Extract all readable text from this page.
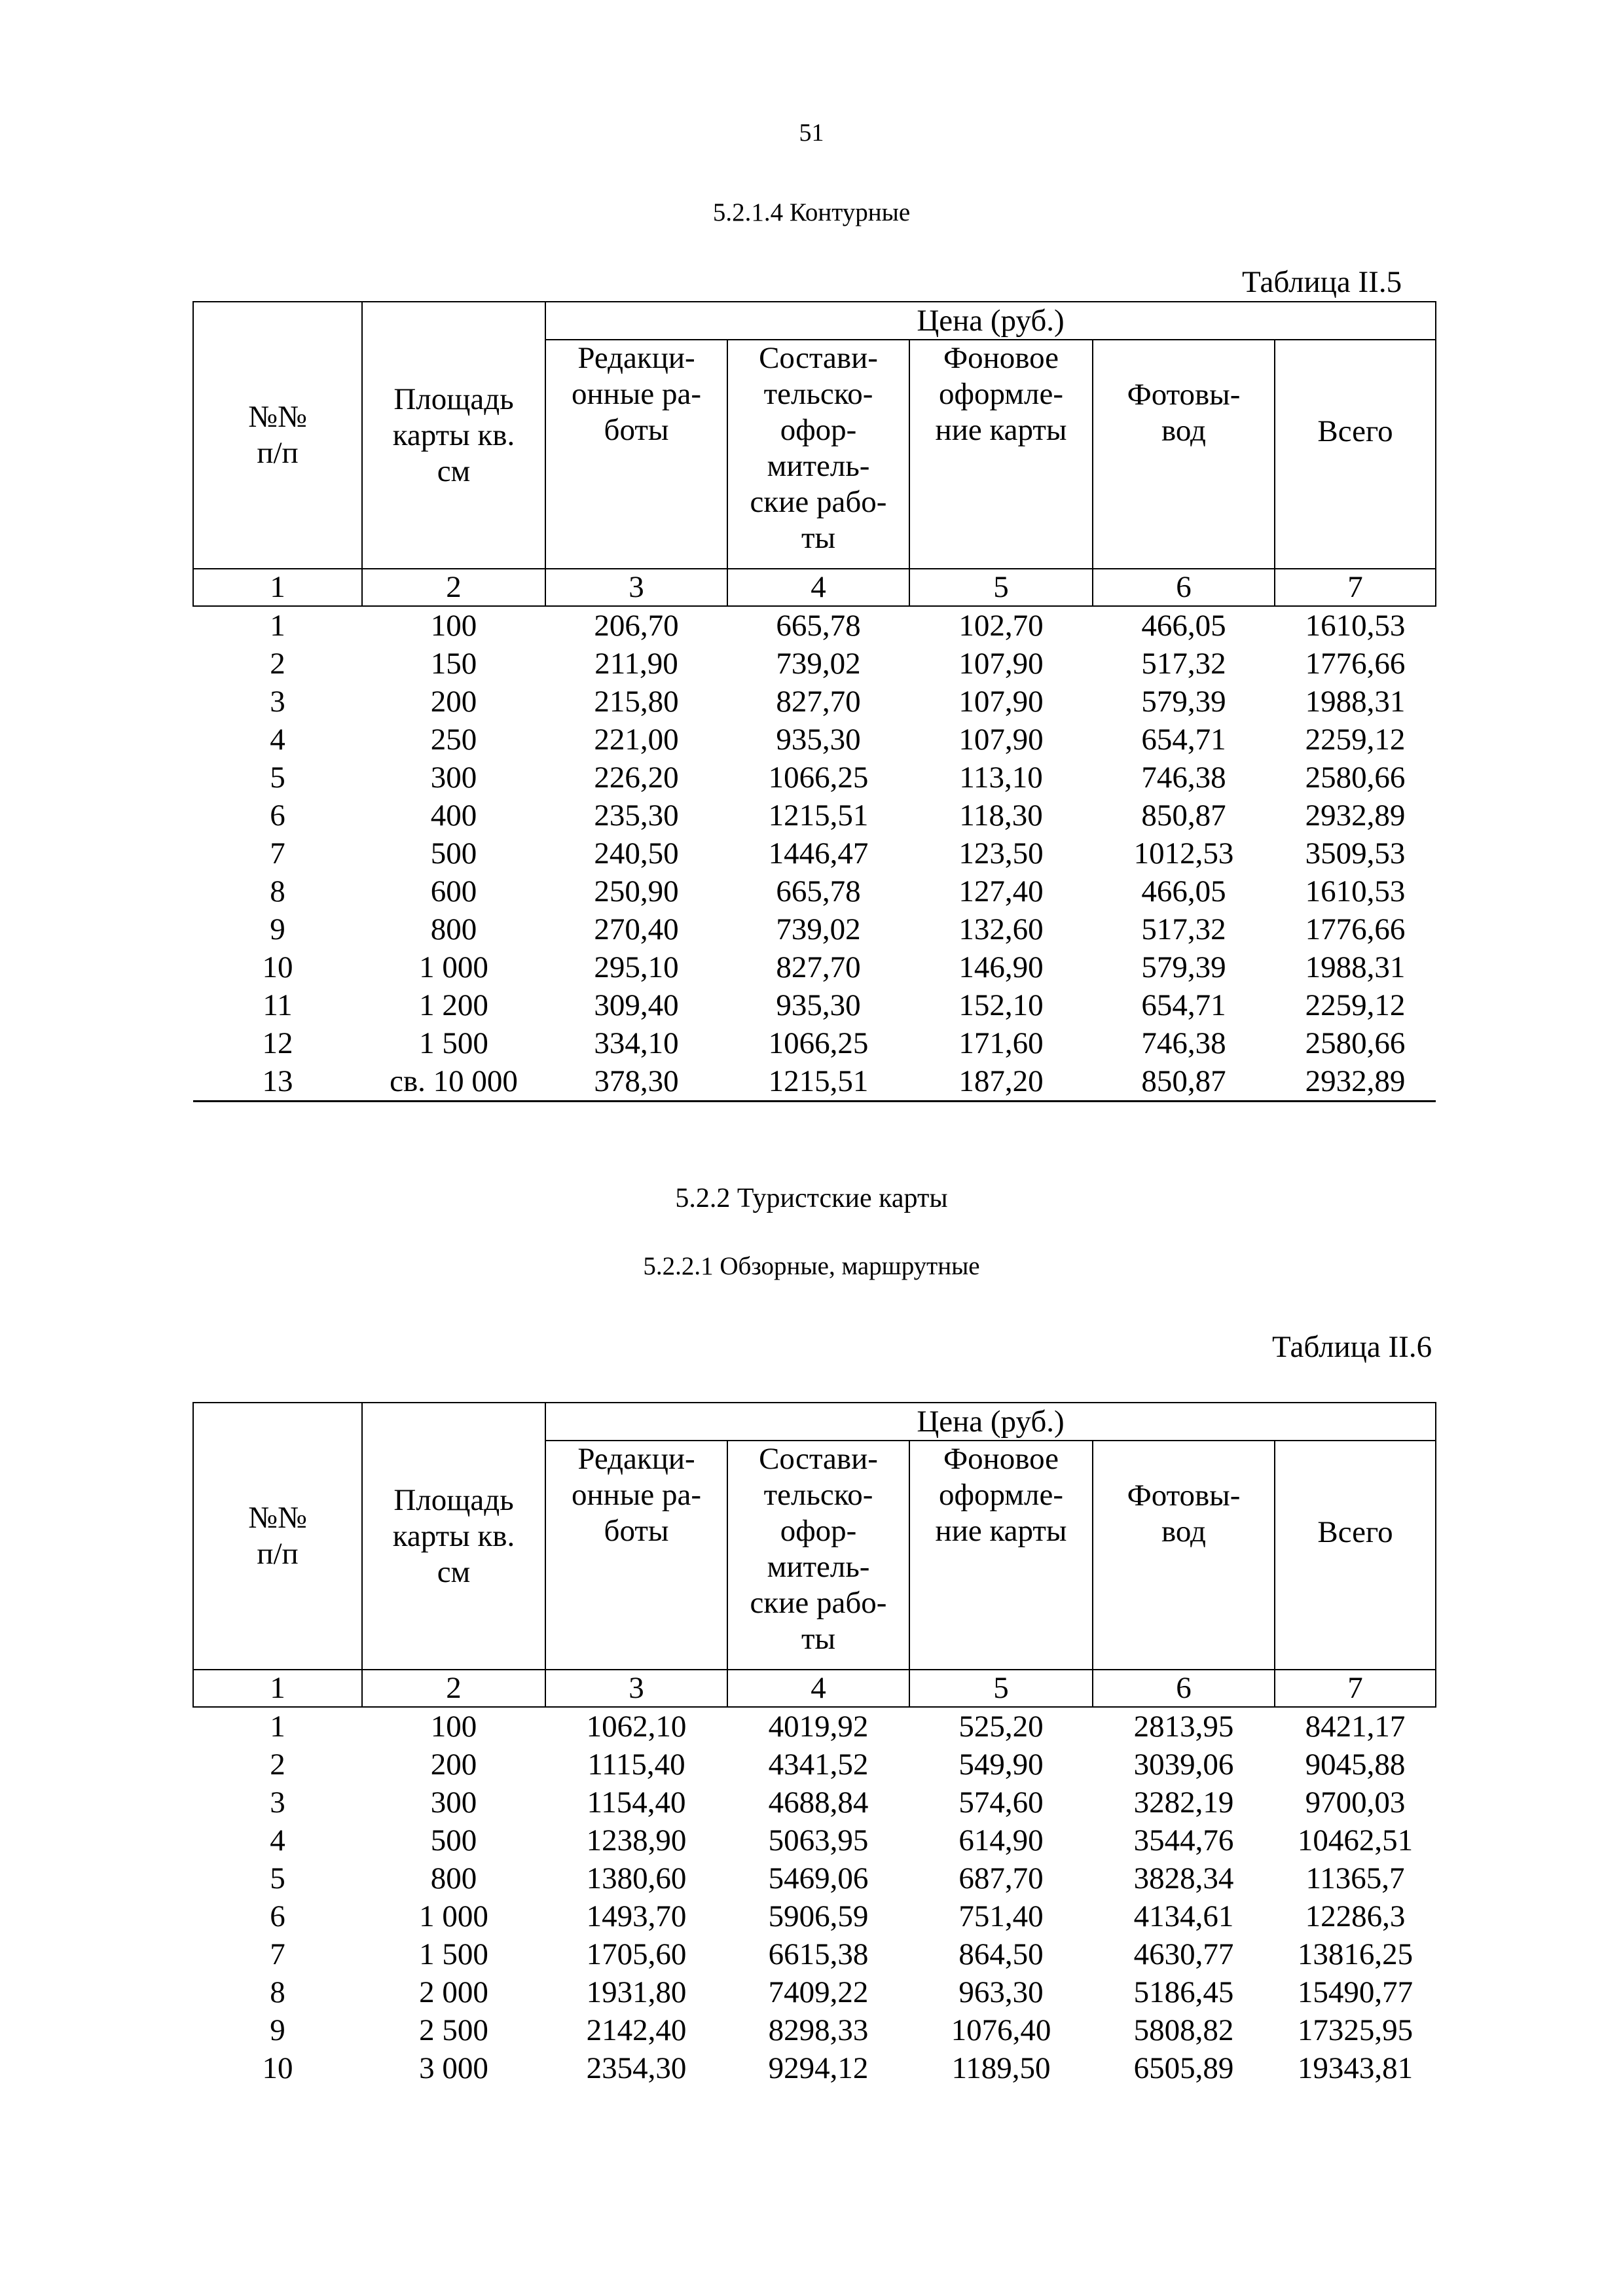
51
5.2.1.4 Контурные
Таблица II.5
№№ п/п	Площадь карты кв. см	Цена (руб.)				

		Редакци- онные ра- боты	Состави- тельско- офор- митель- ские рабо- ты	Фоновое оформле- ние карты	Фотовы- вод	Всего
1	2	3	4	5	6	7
1	100	206,70	665,78	102,70	466,05	1610,53
2	150	211,90	739,02	107,90	517,32	1776,66
3	200	215,80	827,70	107,90	579,39	1988,31
4	250	221,00	935,30	107,90	654,71	2259,12
5	300	226,20	1066,25	113,10	746,38	2580,66
6	400	235,30	1215,51	118,30	850,87	2932,89
7	500	240,50	1446,47	123,50	1012,53	3509,53
8	600	250,90	665,78	127,40	466,05	1610,53
9	800	270,40	739,02	132,60	517,32	1776,66
10	1 000	295,10	827,70	146,90	579,39	1988,31
11	1 200	309,40	935,30	152,10	654,71	2259,12
12	1 500	334,10	1066,25	171,60	746,38	2580,66
13	св. 10 000	378,30	1215,51	187,20	850,87	2932,89
5.2.2 Туристские карты
5.2.2.1 Обзорные, маршрутные
Таблица II.6
№№ п/п	Площадь карты кв. см	Цена (руб.)				

		Редакци- онные ра- боты	Состави- тельско- офор- митель- ские рабо- ты	Фоновое оформле- ние карты	Фотовы- вод	Всего
1	2	3	4	5	6	7
1	100	1062,10	4019,92	525,20	2813,95	8421,17
2	200	1115,40	4341,52	549,90	3039,06	9045,88
3	300	1154,40	4688,84	574,60	3282,19	9700,03
4	500	1238,90	5063,95	614,90	3544,76	10462,51
5	800	1380,60	5469,06	687,70	3828,34	11365,7
6	1 000	1493,70	5906,59	751,40	4134,61	12286,3
7	1 500	1705,60	6615,38	864,50	4630,77	13816,25
8	2 000	1931,80	7409,22	963,30	5186,45	15490,77
9	2 500	2142,40	8298,33	1076,40	5808,82	17325,95
10	3 000	2354,30	9294,12	1189,50	6505,89	19343,81
